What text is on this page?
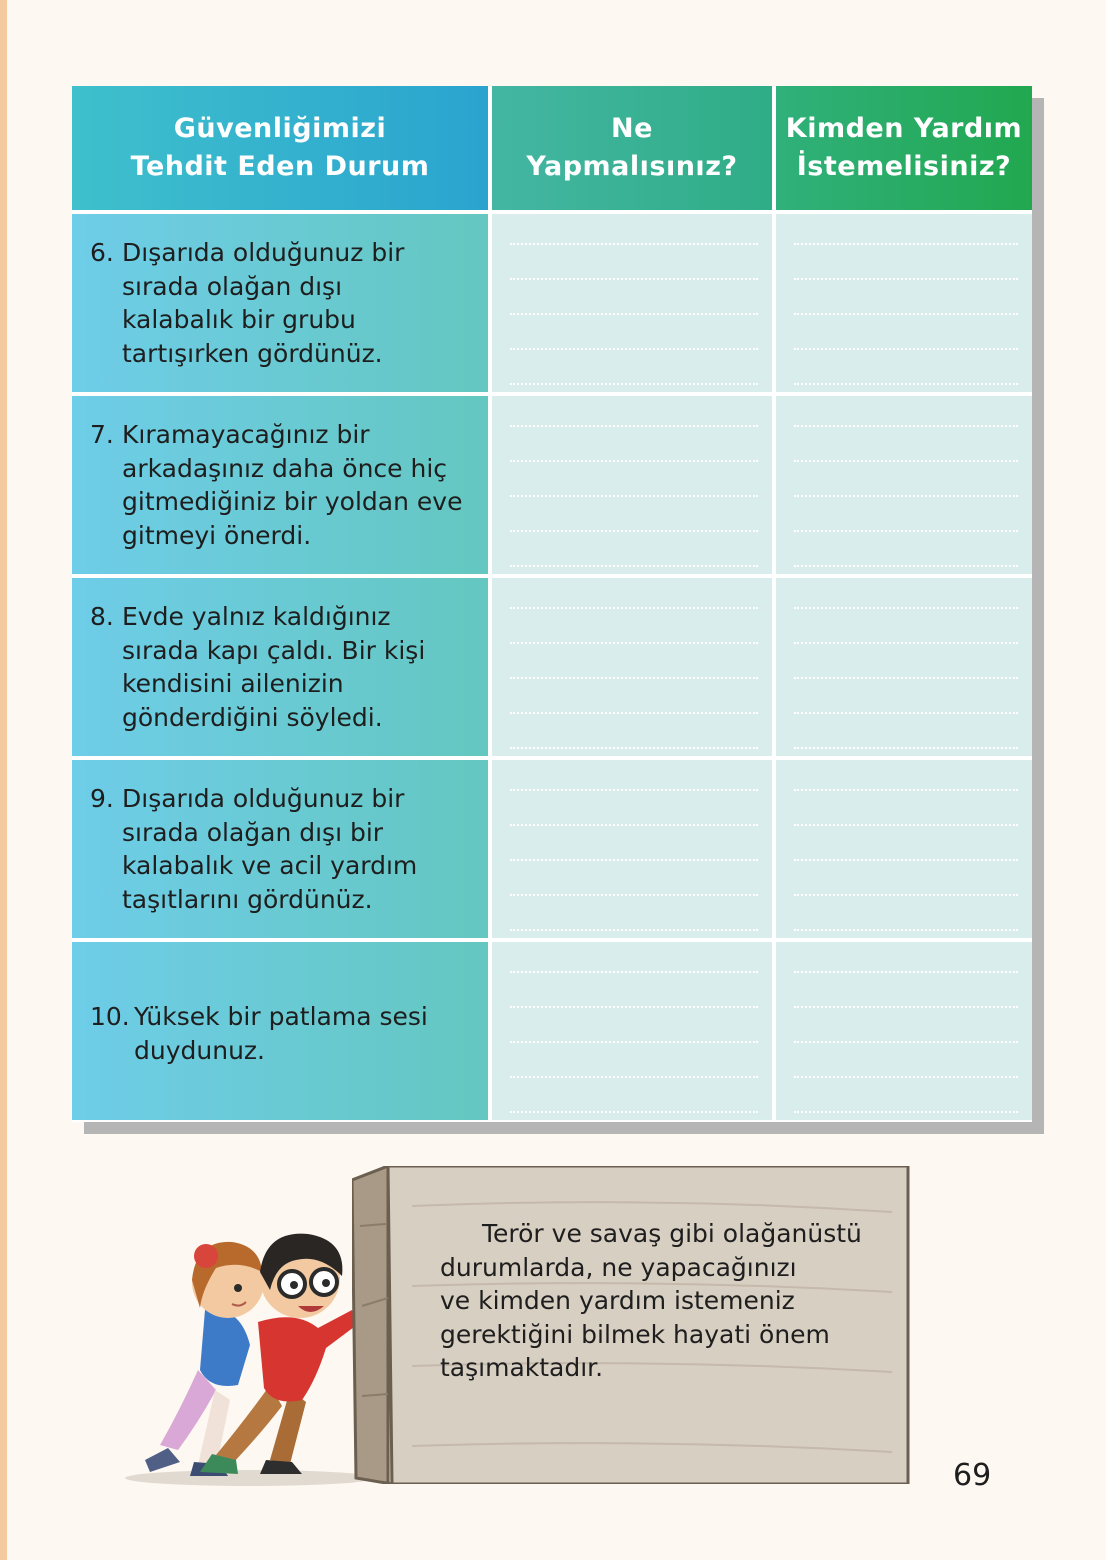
Güvenliğimizi
Tehdit Eden Durum
Ne
Yapmalısınız?
Kimden Yardım
İstemelisiniz?
6. Dışarıda olduğunuz bir
sırada olağan dışı
kalabalık bir grubu
tartışırken gördünüz.
7. Kıramayacağınız bir
arkadaşınız daha önce hiç
gitmediğiniz bir yoldan eve
gitmeyi önerdi.
8. Evde yalnız kaldığınız
sırada kapı çaldı. Bir kişi
kendisini ailenizin
gönderdiğini söyledi.
9. Dışarıda olduğunuz bir
sırada olağan dışı bir
kalabalık ve acil yardım
taşıtlarını gördünüz.
10. Yüksek bir patlama sesi
duydunuz.
Terör ve savaş gibi olağanüstü
durumlarda, ne yapacağınızı
ve kimden yardım istemeniz
gerektiğini bilmek hayati önem
taşımaktadır.
69
